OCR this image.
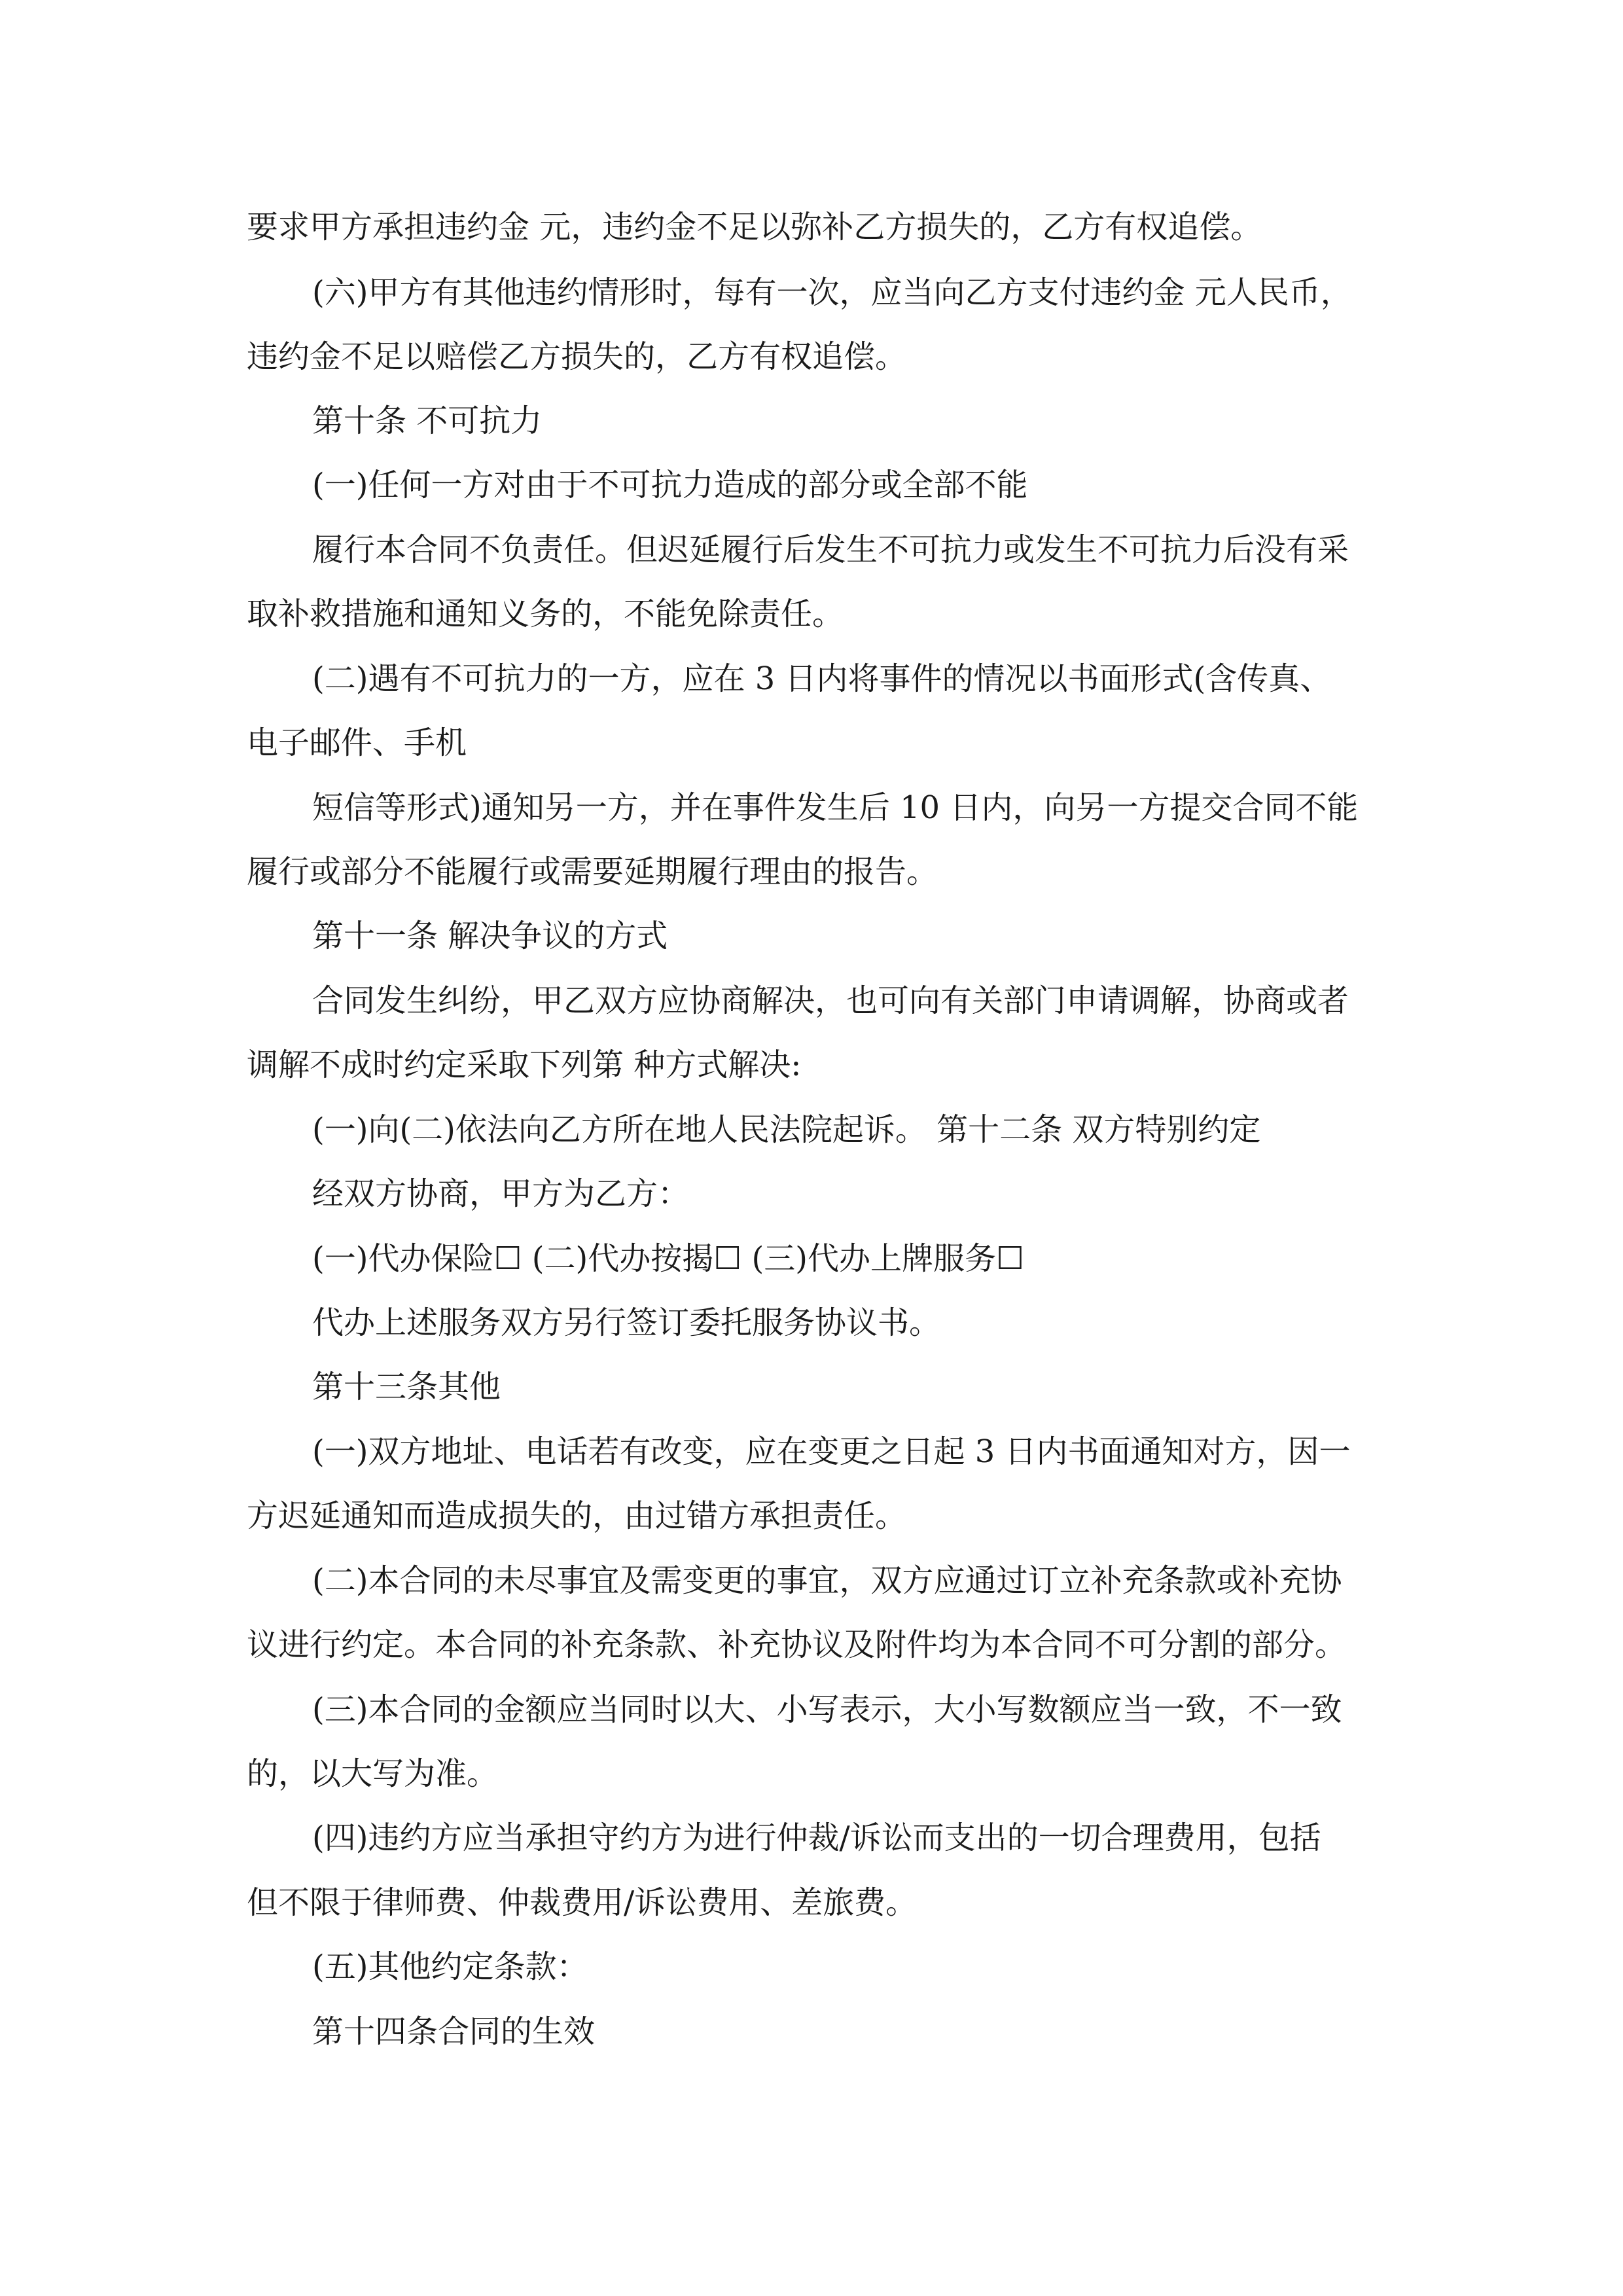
要求甲方承担违约金 元，违约金不足以弥补乙方损失的，乙方有权追偿。
(六)甲方有其他违约情形时，每有一次，应当向乙方支付违约金 元人民币，
违约金不足以赔偿乙方损失的，乙方有权追偿。
第十条 不可抗力
(一)任何一方对由于不可抗力造成的部分或全部不能
履行本合同不负责任。但迟延履行后发生不可抗力或发生不可抗力后没有采
取补救措施和通知义务的，不能免除责任。
(二)遇有不可抗力的一方，应在 3 日内将事件的情况以书面形式(含传真、
电子邮件、手机
短信等形式)通知另一方，并在事件发生后 10 日内，向另一方提交合同不能
履行或部分不能履行或需要延期履行理由的报告。
第十一条 解决争议的方式
合同发生纠纷，甲乙双方应协商解决，也可向有关部门申请调解，协商或者
调解不成时约定采取下列第 种方式解决:
(一)向(二)依法向乙方所在地人民法院起诉。 第十二条 双方特别约定
经双方协商，甲方为乙方：
(一)代办保险☐ (二)代办按揭☐ (三)代办上牌服务☐
代办上述服务双方另行签订委托服务协议书。
第十三条其他
(一)双方地址、电话若有改变，应在变更之日起 3 日内书面通知对方，因一
方迟延通知而造成损失的，由过错方承担责任。
(二)本合同的未尽事宜及需变更的事宜，双方应通过订立补充条款或补充协
议进行约定。本合同的补充条款、补充协议及附件均为本合同不可分割的部分。
(三)本合同的金额应当同时以大、小写表示，大小写数额应当一致，不一致
的，以大写为准。
(四)违约方应当承担守约方为进行仲裁/诉讼而支出的一切合理费用，包括
但不限于律师费、仲裁费用/诉讼费用、差旅费。
(五)其他约定条款：
第十四条合同的生效
